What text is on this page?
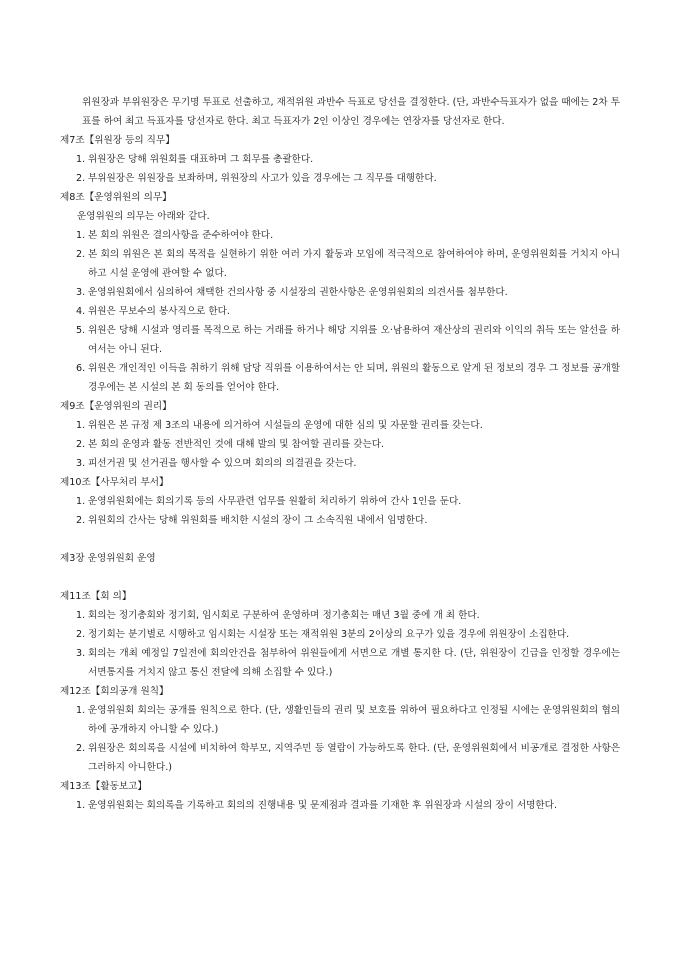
위원장과 부위원장은 무기명 투표로 선출하고, 재적위원 과반수 득표로 당선을 결정한다. (단, 과반수득표자가 없을 때에는 2차 투표를 하여 최고 득표자를 당선자로 한다. 최고 득표자가 2인 이상인 경우에는 연장자를 당선자로 한다.

제7조【위원장 등의 직무】

1. 위원장은 당해 위원회를 대표하며 그 회무를 총괄한다.
2. 부위원장은 위원장을 보좌하며, 위원장의 사고가 있을 경우에는 그 직무를 대행한다.

제8조【운영위원의 의무】

운영위원의 의무는 아래와 같다.

1. 본 회의 위원은 결의사항을 준수하여야 한다.
2. 본 회의 위원은 본 회의 목적을 실현하기 위한 여러 가지 활동과 모임에 적극적으로 참여하여야 하며, 운영위원회를 거치지 아니하고 시설 운영에 관여할 수 없다.
3. 운영위원회에서 심의하여 채택한 건의사항 중 시설장의 권한사항은 운영위원회의 의견서를 첨부한다.
4. 위원은 무보수의 봉사직으로 한다.
5. 위원은 당해 시설과 영리를 목적으로 하는 거래를 하거나 해당 지위를 오·남용하여 재산상의 권리와 이익의 취득 또는 알선을 하여서는 아니 된다.
6. 위원은 개인적인 이득을 취하기 위해 담당 직위를 이용하여서는 안 되며, 위원의 활동으로 알게 된 정보의 경우 그 정보를 공개할 경우에는 본 시설의 본 회 동의를 얻어야 한다.

제9조【운영위원의 권리】

1. 위원은 본 규정 제 3조의 내용에 의거하여 시설들의 운영에 대한 심의 및 자문할 권리를 갖는다.
2. 본 회의 운영과 활동 전반적인 것에 대해 발의 및 참여할 권리를 갖는다.
3. 피선거권 및 선거권을 행사할 수 있으며 회의의 의결권을 갖는다.

제10조【사무처리 부서】

1. 운영위원회에는 회의기록 등의 사무관련 업무를 원활히 처리하기 위하여 간사 1인을 둔다.
2. 위원회의 간사는 당해 위원회를 배치한 시설의 장이 그 소속직원 내에서 임명한다.

제3장 운영위원회 운영

제11조【회 의】

1. 회의는 정기총회와 정기회, 임시회로 구분하여 운영하며 정기총회는 매년 3월 중에 개 최 한다.
2. 정기회는 분기별로 시행하고 임시회는 시설장 또는 재적위원 3분의 2이상의 요구가 있을 경우에 위원장이 소집한다.
3. 회의는 개최 예정일 7일전에 회의안건을 첨부하여 위원들에게 서면으로 개별 통지한 다. (단, 위원장이 긴급을 인정할 경우에는 서면통지를 거치지 않고 통신 전달에 의해 소집할 수 있다.)

제12조【회의공개 원칙】

1. 운영위원회 회의는 공개를 원칙으로 한다. (단, 생활인들의 권리 및 보호를 위하여 필요하다고 인정될 시에는 운영위원회의 협의 하에 공개하지 아니할 수 있다.)
2. 위원장은 회의록을 시설에 비치하여 학부모, 지역주민 등 열람이 가능하도록 한다. (단, 운영위원회에서 비공개로 결정한 사항은 그러하지 아니한다.)

제13조【활동보고】

1. 운영위원회는 회의록을 기록하고 회의의 진행내용 및 문제점과 결과를 기재한 후 위원장과 시설의 장이 서명한다.
